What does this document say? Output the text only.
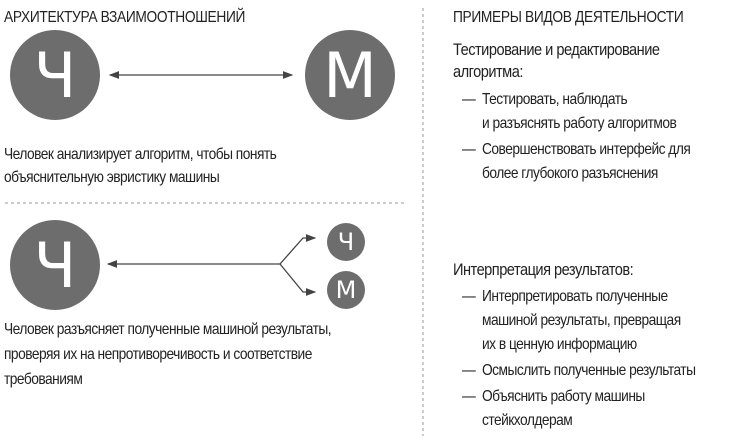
АРХИТЕКТУРА ВЗАИМООТНОШЕНИЙ
Ч	М
Человек анализирует алгоритм, чтобы понять
объяснительную эвристику машины
Ч	Ч
М
Человек разъясняет полученные машиной результаты,
проверяя их на непротиворечивость и соответствие
требованиям
ПРИМЕРЫ ВИДОВ ДЕЯТЕЛЬНОСТИ
Тестирование и редактирование
алгоритма:
— Тестировать, наблюдать
и разъяснять работу алгоритмов
— Совершенствовать интерфейс для
более глубокого разъяснения
Интерпретация результатов:
— Интерпретировать полученные
машиной результаты, превращая
их в ценную информацию
— Осмыслить полученные результаты
— Объяснить работу машины
стейкхолдерам
